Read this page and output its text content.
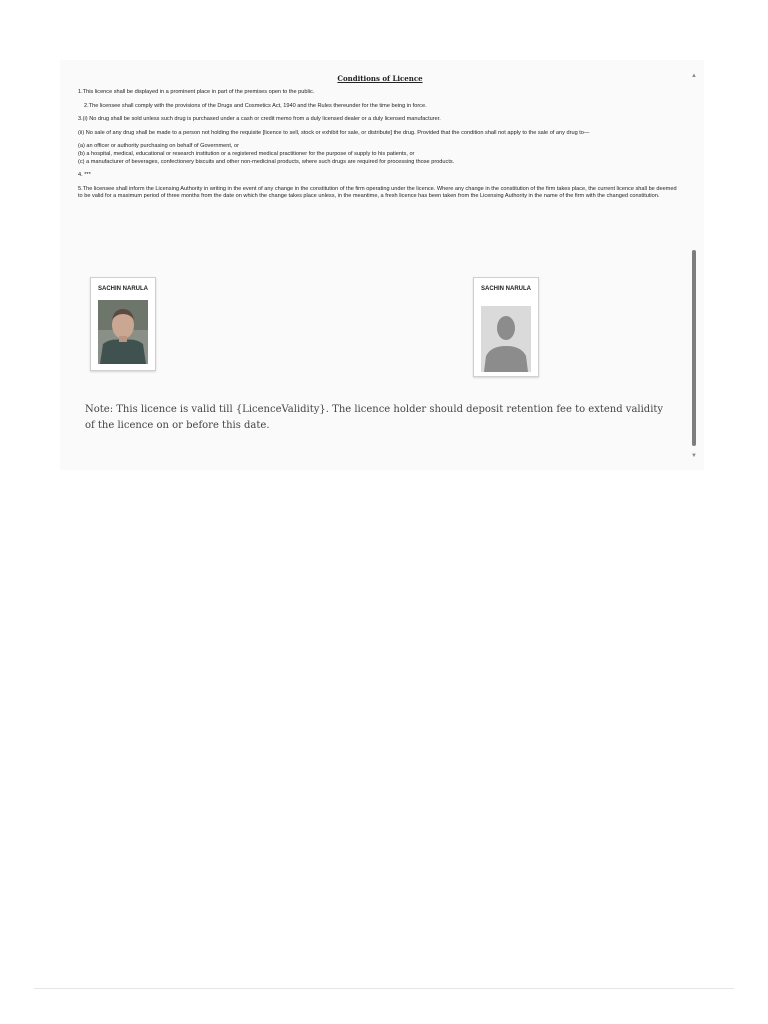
Conditions of Licence

1.This licence shall be displayed in a prominent place in part of the premises open to the public.

2.The licensee shall comply with the provisions of the Drugs and Cosmetics Act, 1940 and the Rules thereunder for the time being in force.

3.(i) No drug shall be sold unless such drug is purchased under a cash or credit memo from a duly licensed dealer or a duly licensed manufacturer.

(ii) No sale of any drug shall be made to a person not holding the requisite [licence to sell, stock or exhibit for sale, or distribute] the drug. Provided that the condition shall not apply to the sale of any drug to—

(a) an officer or authority purchasing on behalf of Government, or

(b) a hospital, medical, educational or research institution or a registered medical practitioner for the purpose of supply to his patients, or

(c) a manufacturer of beverages, confectionery biscuits and other non-medicinal products, where such drugs are required for processing those products.

4. ***

5.The licensee shall inform the Licensing Authority in writing in the event of any change in the constitution of the firm operating under the licence. Where any change in the constitution of the firm takes place, the current licence shall be deemed to be valid for a maximum period of three months from the date on which the change takes place unless, in the meantime, a fresh licence has been taken from the Licensing Authority in the name of the firm with the changed constitution.

SACHIN NARULA	SACHIN NARULA
Note: This licence is valid till {LicenceValidity}. The licence holder should deposit retention fee to extend validity of the licence on or before this date.
▲
▼
